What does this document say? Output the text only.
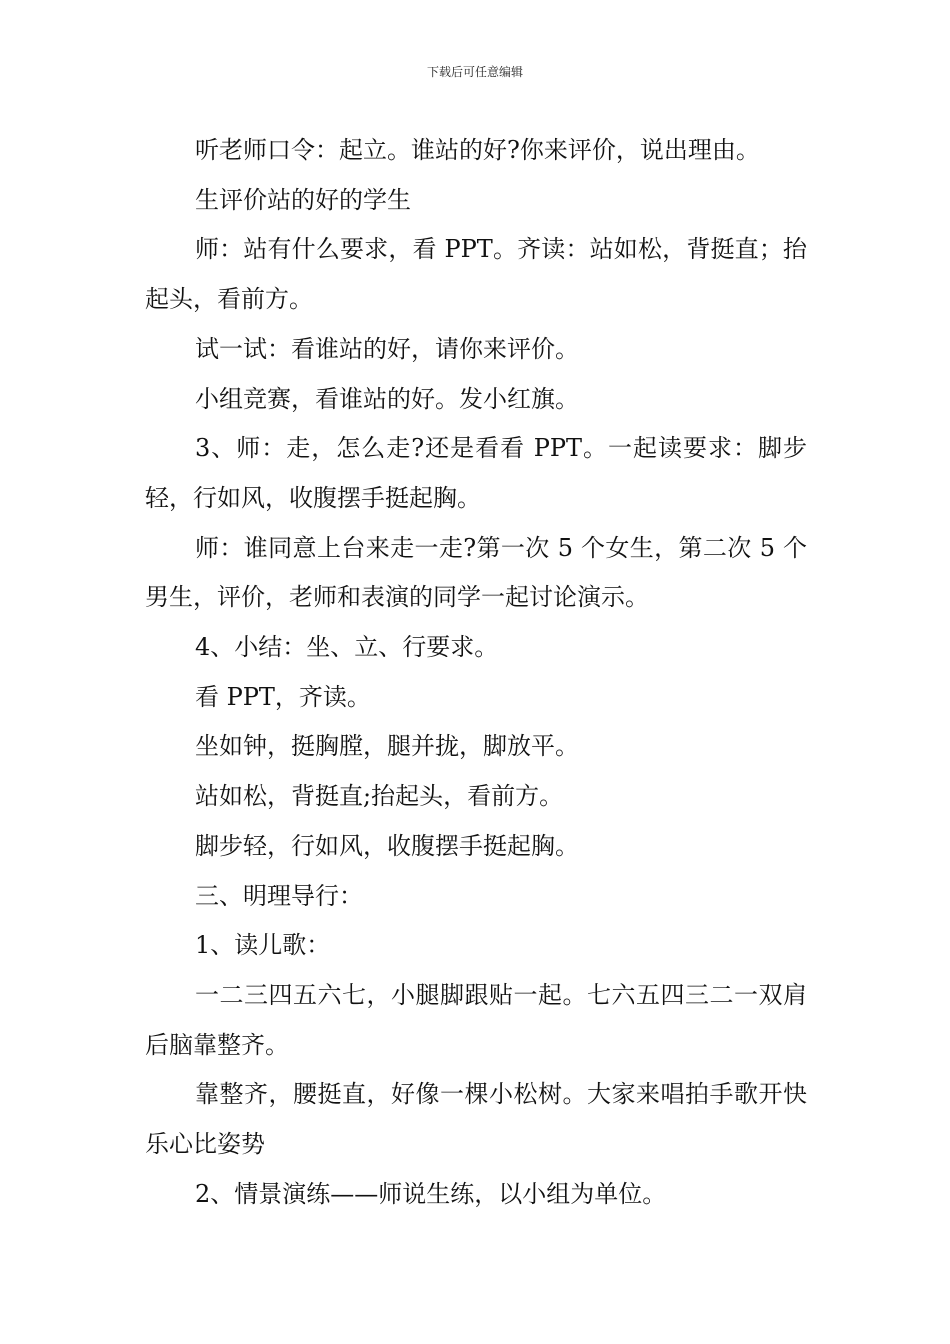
下载后可任意编辑

听老师口令：起立。谁站的好?你来评价，说出理由。

生评价站的好的学生

师：站有什么要求，看 PPT。齐读：站如松，背挺直；抬起头，看前方。

试一试：看谁站的好，请你来评价。

小组竞赛，看谁站的好。发小红旗。

3、师：走，怎么走?还是看看 PPT。一起读要求：脚步轻，行如风，收腹摆手挺起胸。

师：谁同意上台来走一走?第一次 5 个女生，第二次 5 个男生，评价，老师和表演的同学一起讨论演示。

4、小结：坐、立、行要求。

看 PPT，齐读。

坐如钟，挺胸膛，腿并拢，脚放平。

站如松，背挺直;抬起头，看前方。

脚步轻，行如风，收腹摆手挺起胸。

三、明理导行：

1、读儿歌：

一二三四五六七，小腿脚跟贴一起。七六五四三二一双肩后脑靠整齐。

靠整齐，腰挺直，好像一棵小松树。大家来唱拍手歌开快乐心比姿势

2、情景演练——师说生练，以小组为单位。
